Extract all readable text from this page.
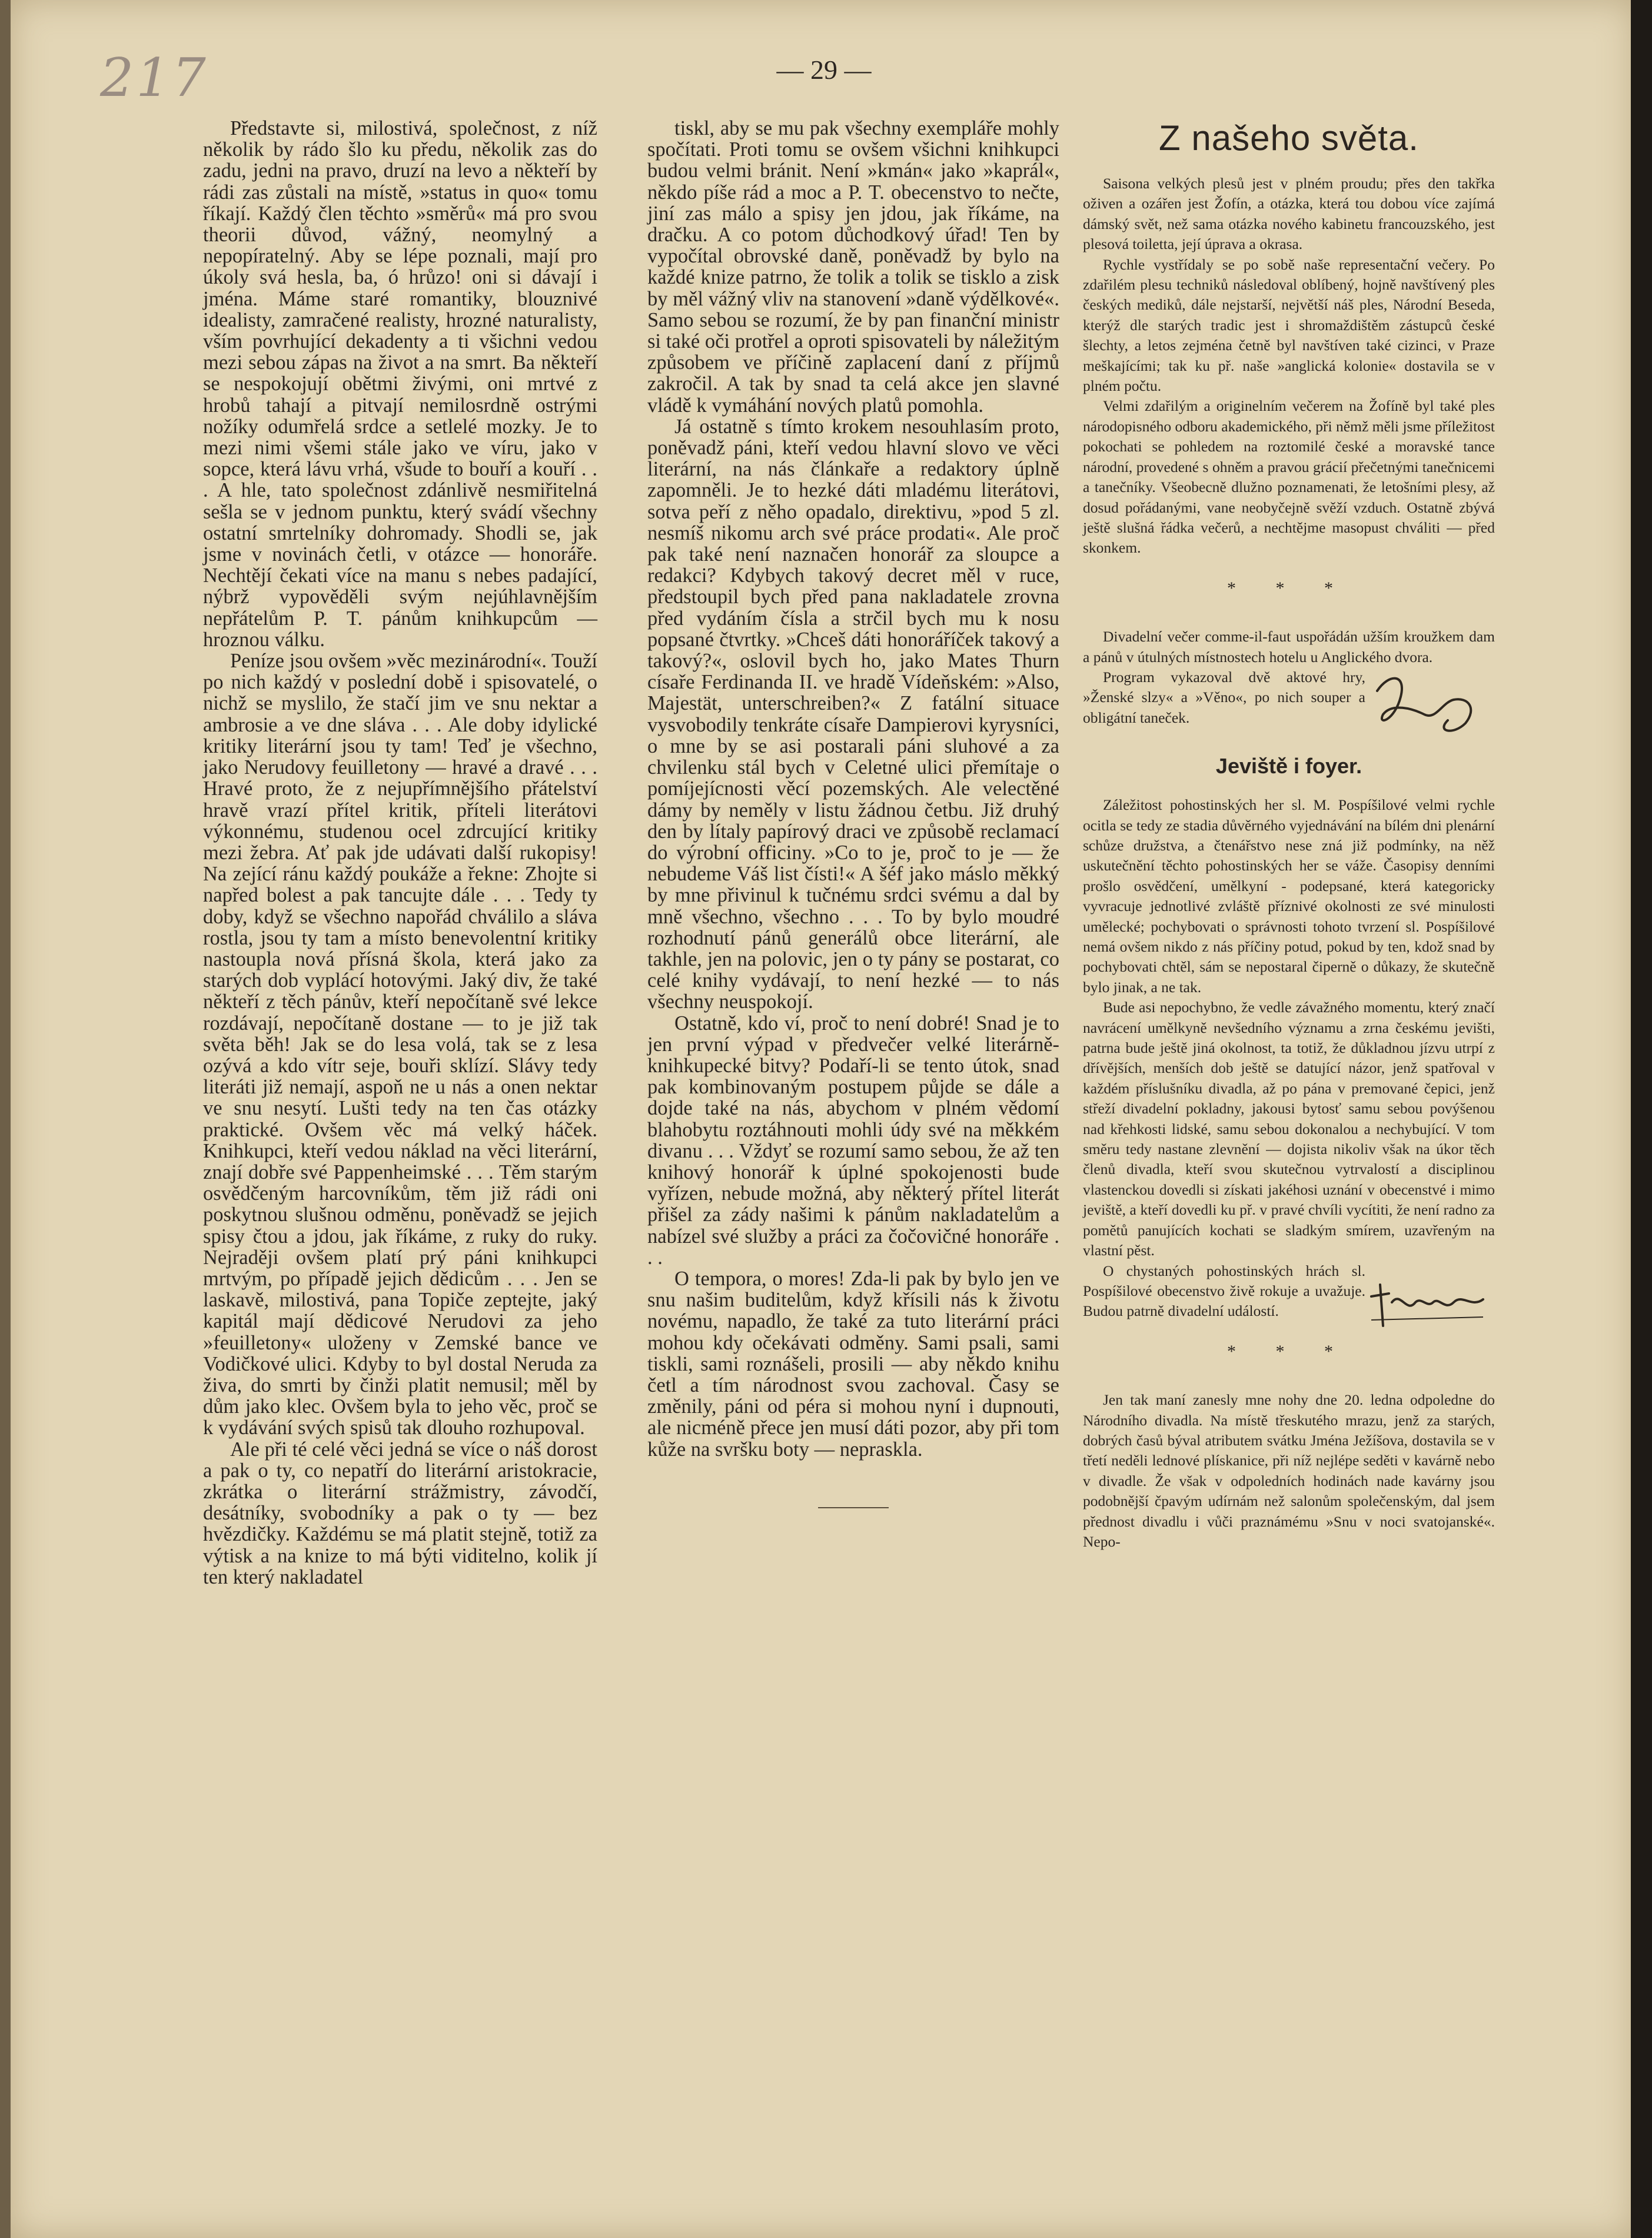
217	— 29 —

Představte si, milostivá, společnost, z níž několik by rádo šlo ku předu, několik zas do zadu, jedni na pravo, druzí na levo a někteří by rádi zas zůstali na místě, »status in quo« tomu říkají. Každý člen těchto »směrů« má pro svou theorii důvod, vážný, neomylný a nepopíratelný. Aby se lépe poznali, mají pro úkoly svá hesla, ba, ó hrůzo! oni si dávají i jména. Máme staré romantiky, blouznivé idealisty, zamračené realisty, hrozné naturalisty, vším povrhující dekadenty a ti všichni vedou mezi sebou zápas na život a na smrt. Ba někteří se nespokojují obětmi živými, oni mrtvé z hrobů tahají a pitvají nemilosrdně ostrými nožíky odumřelá srdce a setlelé mozky. Je to mezi nimi všemi stále jako ve víru, jako v sopce, která lávu vrhá, všude to bouří a kouří . . . A hle, tato společnost zdánlivě nesmiřitelná sešla se v jednom punktu, který svádí všechny ostatní smrtelníky dohromady. Shodli se, jak jsme v novinách četli, v otázce — honoráře. Nechtějí čekati více na manu s nebes padající, nýbrž vypověděli svým nejúhlavnějším nepřátelům P. T. pánům knihkupcům — hroznou válku.

Peníze jsou ovšem »věc mezinárodní«. Touží po nich každý v poslední době i spisovatelé, o nichž se myslilo, že stačí jim ve snu nektar a ambrosie a ve dne sláva . . . Ale doby idylické kritiky literární jsou ty tam! Teď je všechno, jako Nerudovy feuilletony — hravé a dravé . . . Hravé proto, že z nejupřímnějšího přátelství hravě vrazí přítel kritik, příteli literátovi výkonnému, studenou ocel zdrcující kritiky mezi žebra. Ať pak jde udávati další rukopisy! Na zející ránu každý poukáže a řekne: Zhojte si napřed bolest a pak tancujte dále . . . Tedy ty doby, když se všechno napořád chválilo a sláva rostla, jsou ty tam a místo benevolentní kritiky nastoupla nová přísná škola, která jako za starých dob vyplácí hotovými. Jaký div, že také někteří z těch pánův, kteří nepočítaně své lekce rozdávají, nepočítaně dostane — to je již tak světa běh! Jak se do lesa volá, tak se z lesa ozývá a kdo vítr seje, bouři sklízí. Slávy tedy literáti již nemají, aspoň ne u nás a onen nektar ve snu nesytí. Lušti tedy na ten čas otázky praktické. Ovšem věc má velký háček. Knihkupci, kteří vedou náklad na věci literární, znají dobře své Pappenheimské . . . Těm starým osvědčeným harcovníkům, těm již rádi oni poskytnou slušnou odměnu, poněvadž se jejich spisy čtou a jdou, jak říkáme, z ruky do ruky. Nejraději ovšem platí prý páni knihkupci mrtvým, po případě jejich dědicům . . . Jen se laskavě, milostivá, pana Topiče zeptejte, jaký kapitál mají dědicové Nerudovi za jeho »feuilletony« uloženy v Zemské bance ve Vodičkové ulici. Kdyby to byl dostal Neruda za živa, do smrti by činži platit nemusil; měl by dům jako klec. Ovšem byla to jeho věc, proč se k vydávání svých spisů tak dlouho rozhupoval.

Ale při té celé věci jedná se více o náš dorost a pak o ty, co nepatří do literární aristokracie, zkrátka o literární strážmistry, závodčí, desátníky, svobodníky a pak o ty — bez hvězdičky. Každému se má platit stejně, totiž za výtisk a na knize to má býti viditelno, kolik jí ten který nakladatel

tiskl, aby se mu pak všechny exempláře mohly spočítati. Proti tomu se ovšem všichni knihkupci budou velmi bránit. Není »kmán« jako »kaprál«, někdo píše rád a moc a P. T. obecenstvo to nečte, jiní zas málo a spisy jen jdou, jak říkáme, na dračku. A co potom důchodkový úřad! Ten by vypočítal obrovské daně, poněvadž by bylo na každé knize patrno, že tolik a tolik se tisklo a zisk by měl vážný vliv na stanovení »daně výdělkové«. Samo sebou se rozumí, že by pan finanční ministr si také oči protřel a oproti spisovateli by náležitým způsobem ve příčině zaplacení daní z příjmů zakročil. A tak by snad ta celá akce jen slavné vládě k vymáhání nových platů pomohla.

Já ostatně s tímto krokem nesouhlasím proto, poněvadž páni, kteří vedou hlavní slovo ve věci literární, na nás článkaře a redaktory úplně zapomněli. Je to hezké dáti mladému literátovi, sotva peří z něho opadalo, direktivu, »pod 5 zl. nesmíš nikomu arch své práce prodati«. Ale proč pak také není naznačen honorář za sloupce a redakci? Kdybych takový decret měl v ruce, předstoupil bych před pana nakladatele zrovna před vydáním čísla a strčil bych mu k nosu popsané čtvrtky. »Chceš dáti honoráříček takový a takový?«, oslovil bych ho, jako Mates Thurn císaře Ferdinanda II. ve hradě Vídeňském: »Also, Majestät, unterschreiben?« Z fatální situace vysvobodily tenkráte císaře Dampierovi kyrysníci, o mne by se asi postarali páni sluhové a za chvilenku stál bych v Celetné ulici přemítaje o pomíjejícnosti věcí pozemských. Ale velectěné dámy by neměly v listu žádnou četbu. Již druhý den by lítaly papírový draci ve způsobě reclamací do výrobní officiny. »Co to je, proč to je — že nebudeme Váš list čísti!« A šéf jako máslo měkký by mne přivinul k tučnému srdci svému a dal by mně všechno, všechno . . . To by bylo moudré rozhodnutí pánů generálů obce literární, ale takhle, jen na polovic, jen o ty pány se postarat, co celé knihy vydávají, to není hezké — to nás všechny neuspokojí.

Ostatně, kdo ví, proč to není dobré! Snad je to jen první výpad v předvečer velké literárně-knihkupecké bitvy? Podaří-li se tento útok, snad pak kombinovaným postupem půjde se dále a dojde také na nás, abychom v plném vědomí blahobytu roztáhnouti mohli údy své na měkkém divanu . . . Vždyť se rozumí samo sebou, že až ten knihový honorář k úplné spokojenosti bude vyřízen, nebude možná, aby některý přítel literát přišel za zády našimi k pánům nakladatelům a nabízel své služby a práci za čočovičné honoráře . . .

O tempora, o mores! Zda-li pak by bylo jen ve snu našim buditelům, když křísili nás k životu novému, napadlo, že také za tuto literární práci mohou kdy očekávati odměny. Sami psali, sami tiskli, sami roznášeli, prosili — aby někdo knihu četl a tím národnost svou zachoval. Časy se změnily, páni od péra si mohou nyní i dupnouti, ale nicméně přece jen musí dáti pozor, aby při tom kůže na svršku boty — nepraskla.

Z našeho světa.

Saisona velkých plesů jest v plném proudu; přes den takřka oživen a ozářen jest Žofín, a otázka, která tou dobou více zajímá dámský svět, než sama otázka nového kabinetu francouzského, jest plesová toiletta, její úprava a okrasa.

Rychle vystřídaly se po sobě naše representační večery. Po zdařilém plesu techniků následoval oblíbený, hojně navštívený ples českých mediků, dále nejstarší, největší náš ples, Národní Beseda, kterýž dle starých tradic jest i shromaždištěm zástupců české šlechty, a letos zejména četně byl navštíven také cizinci, v Praze meškajícími; tak ku př. naše »anglická kolonie« dostavila se v plném počtu.

Velmi zdařilým a originelním večerem na Žofíně byl také ples národopisného odboru akademického, při němž měli jsme příležitost pokochati se pohledem na roztomilé české a moravské tance národní, provedené s ohněm a pravou grácií přečetnými tanečnicemi a tanečníky. Všeobecně dlužno poznamenati, že letošními plesy, až dosud pořádanými, vane neobyčejně svěží vzduch. Ostatně zbývá ještě slušná řádka večerů, a nechtějme masopust chváliti — před skonkem.

* * *

Divadelní večer comme-il-faut uspořádán užším kroužkem dam a pánů v útulných místnostech hotelu u Anglického dvora.

Program vykazoval dvě aktové hry, »Ženské slzy« a »Věno«, po nich souper a obligátní taneček.

Jeviště i foyer.

Záležitost pohostinských her sl. M. Pospíšilové velmi rychle ocitla se tedy ze stadia důvěrného vyjednávání na bílém dni plenární schůze družstva, a čtenářstvo nese zná již podmínky, na něž uskutečnění těchto pohostinských her se váže. Časopisy denními prošlo osvědčení, umělkyní - podepsané, která kategoricky vyvracuje jednotlivé zvláště příznivé okolnosti ze své minulosti umělecké; pochybovati o správnosti tohoto tvrzení sl. Pospíšilové nemá ovšem nikdo z nás příčiny potud, pokud by ten, kdož snad by pochybovati chtěl, sám se nepostaral čiperně o důkazy, že skutečně bylo jinak, a ne tak.

Bude asi nepochybno, že vedle závažného momentu, který značí navrácení umělkyně nevšedního významu a zrna českému jevišti, patrna bude ještě jiná okolnost, ta totiž, že důkladnou jízvu utrpí z dřívějších, menších dob ještě se datující názor, jenž spatřoval v každém příslušníku divadla, až po pána v premované čepici, jenž střeží divadelní pokladny, jakousi bytosť samu sebou povýšenou nad křehkosti lidské, samu sebou dokonalou a nechybující. V tom směru tedy nastane zlevnění — dojista nikoliv však na úkor těch členů divadla, kteří svou skutečnou vytrvalostí a disciplinou vlastenckou dovedli si získati jakéhosi uznání v obecenstvé i mimo jeviště, a kteří dovedli ku př. v pravé chvíli vycítiti, že není radno za pomětů panujících kochati se sladkým smírem, uzavřeným na vlastní pěst.

O chystaných pohostinských hrách sl. Pospíšilové obecenstvo živě rokuje a uvažuje. Budou patrně divadelní událostí.

* * *

Jen tak maní zanesly mne nohy dne 20. ledna odpoledne do Národního divadla. Na místě třeskutého mrazu, jenž za starých, dobrých časů býval atributem svátku Jména Ježíšova, dostavila se v třetí neděli lednové plískanice, při níž nejlépe seděti v kavárně nebo v divadle. Že však v odpoledních hodinách nade kavárny jsou podobnější čpavým udírnám než salonům společenským, dal jsem přednost divadlu i vůči praznámému »Snu v noci svatojanské«. Nepo-
